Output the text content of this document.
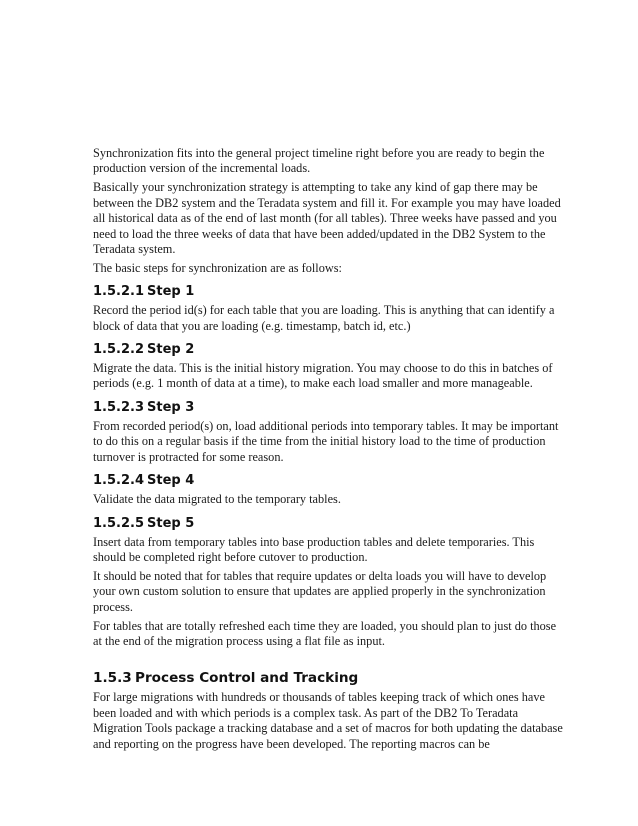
Synchronization fits into the general project timeline right before you are ready to begin the production version of the incremental loads.

Basically your synchronization strategy is attempting to take any kind of gap there may be between the DB2 system and the Teradata system and fill it. For example you may have loaded all historical data as of the end of last month (for all tables). Three weeks have passed and you need to load the three weeks of data that have been added/updated in the DB2 System to the Teradata system.

The basic steps for synchronization are as follows:

1.5.2.1 Step 1

Record the period id(s) for each table that you are loading. This is anything that can identify a block of data that you are loading (e.g. timestamp, batch id, etc.)

1.5.2.2 Step 2

Migrate the data. This is the initial history migration. You may choose to do this in batches of periods (e.g. 1 month of data at a time), to make each load smaller and more manageable.

1.5.2.3 Step 3

From recorded period(s) on, load additional periods into temporary tables. It may be important to do this on a regular basis if the time from the initial history load to the time of production turnover is protracted for some reason.

1.5.2.4 Step 4

Validate the data migrated to the temporary tables.

1.5.2.5 Step 5

Insert data from temporary tables into base production tables and delete temporaries. This should be completed right before cutover to production.

It should be noted that for tables that require updates or delta loads you will have to develop your own custom solution to ensure that updates are applied properly in the synchronization process.

For tables that are totally refreshed each time they are loaded, you should plan to just do those at the end of the migration process using a flat file as input.

1.5.3 Process Control and Tracking

For large migrations with hundreds or thousands of tables keeping track of which ones have been loaded and with which periods is a complex task. As part of the DB2 To Teradata Migration Tools package a tracking database and a set of macros for both updating the database and reporting on the progress have been developed. The reporting macros can be
